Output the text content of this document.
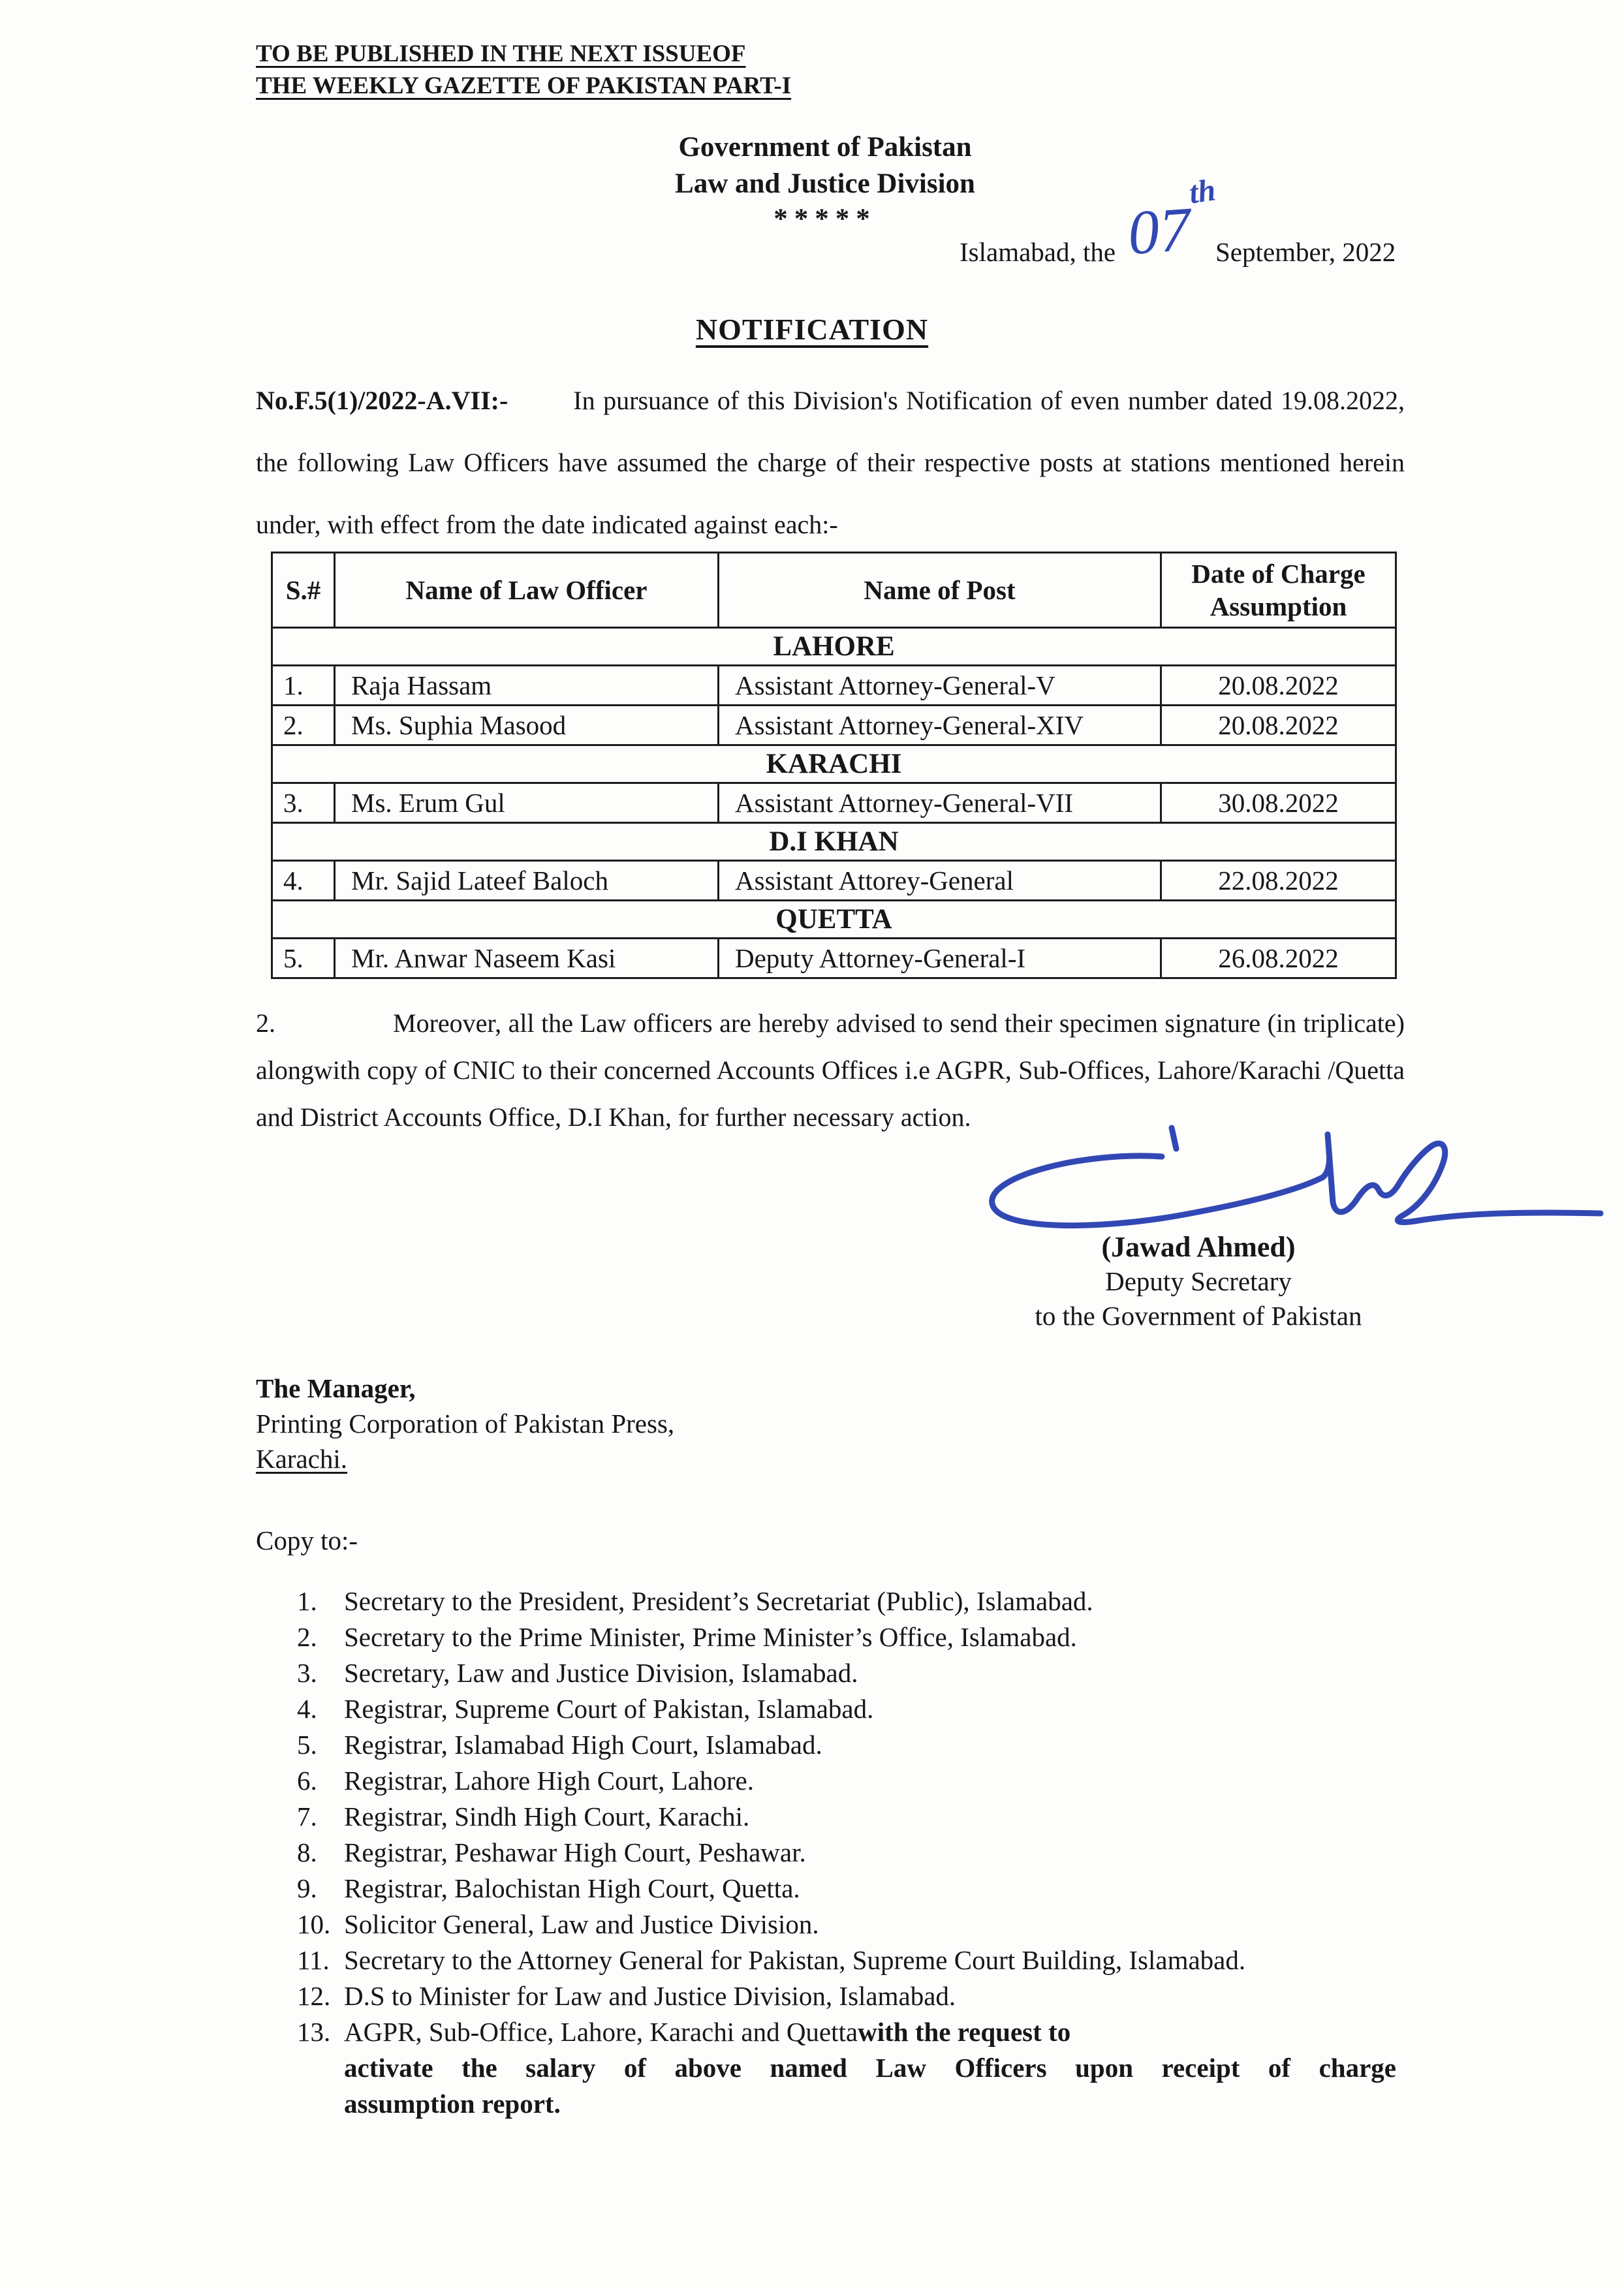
TO BE PUBLISHED IN THE NEXT ISSUEOF
THE WEEKLY GAZETTE OF PAKISTAN PART-I
Government of Pakistan
Law and Justice Division
*****
Islamabad, the 07
th
September, 2022
NOTIFICATION
No.F.5(1)/2022-A.VII:-	In pursuance of this Division's Notification of even number dated 19.08.2022, the following Law Officers have assumed the charge of their respective posts at stations mentioned herein under, with effect from the date indicated against each:-
S.#	Name of Law Officer	Name of Post	Date of Charge Assumption
LAHORE			
1.	Raja Hassam	Assistant Attorney-General-V	20.08.2022
2.	Ms. Suphia Masood	Assistant Attorney-General-XIV	20.08.2022
KARACHI			
3.	Ms. Erum Gul	Assistant Attorney-General-VII	30.08.2022
D.I KHAN			
4.	Mr. Sajid Lateef Baloch	Assistant Attorey-General	22.08.2022
QUETTA			
5.	Mr. Anwar Naseem Kasi	Deputy Attorney-General-I	26.08.2022
2.	Moreover, all the Law officers are hereby advised to send their specimen signature (in triplicate) alongwith copy of CNIC to their concerned Accounts Offices i.e AGPR, Sub-Offices, Lahore/Karachi /Quetta and District Accounts Office, D.I Khan, for further necessary action.
(Jawad Ahmed)
Deputy Secretary
to the Government of Pakistan
The Manager,
Printing Corporation of Pakistan Press,
Karachi.
Copy to:-
1.	Secretary to the President, President’s Secretariat (Public), Islamabad.
2.	Secretary to the Prime Minister, Prime Minister’s Office, Islamabad.
3.	Secretary, Law and Justice Division, Islamabad.
4.	Registrar, Supreme Court of Pakistan, Islamabad.
5.	Registrar, Islamabad High Court, Islamabad.
6.	Registrar, Lahore High Court, Lahore.
7.	Registrar, Sindh High Court, Karachi.
8.	Registrar, Peshawar High Court, Peshawar.
9.	Registrar, Balochistan High Court, Quetta.
10. Solicitor General, Law and Justice Division.
11. Secretary to the Attorney General for Pakistan, Supreme Court Building, Islamabad.
12. D.S to Minister for Law and Justice Division, Islamabad.
13. AGPR, Sub-Office, Lahore, Karachi and Quetta with the request to
activate the salary of above named Law Officers upon receipt of charge
assumption report.
